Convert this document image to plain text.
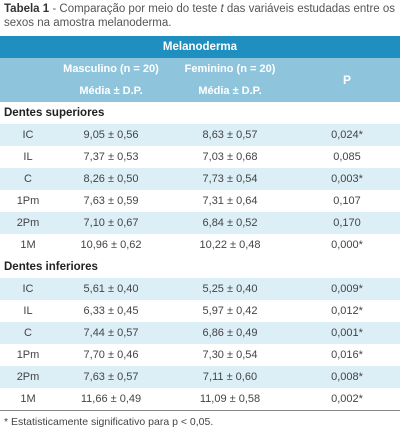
Tabela 1 - Comparação por meio do teste t das variáveis estudadas entre os sexos na amostra melanoderma.
Melanoderma			
	Masculino (n = 20)	Feminino (n = 20)	P
	Média ± D.P.	Média ± D.P.	
Dentes superiores			
IC	9,05 ± 0,56	8,63 ± 0,57	0,024*
IL	7,37 ± 0,53	7,03 ± 0,68	0,085
C	8,26 ± 0,50	7,73 ± 0,54	0,003*
1Pm	7,63 ± 0,59	7,31 ± 0,64	0,107
2Pm	7,10 ± 0,67	6,84 ± 0,52	0,170
1M	10,96 ± 0,62	10,22 ± 0,48	0,000*
Dentes inferiores			
IC	5,61 ± 0,40	5,25 ± 0,40	0,009*
IL	6,33 ± 0,45	5,97 ± 0,42	0,012*
C	7,44 ± 0,57	6,86 ± 0,49	0,001*
1Pm	7,70 ± 0,46	7,30 ± 0,54	0,016*
2Pm	7,63 ± 0,57	7,11 ± 0,60	0,008*
1M	11,66 ± 0,49	11,09 ± 0,58	0,002*

* Estatisticamente significativo para p < 0,05.
